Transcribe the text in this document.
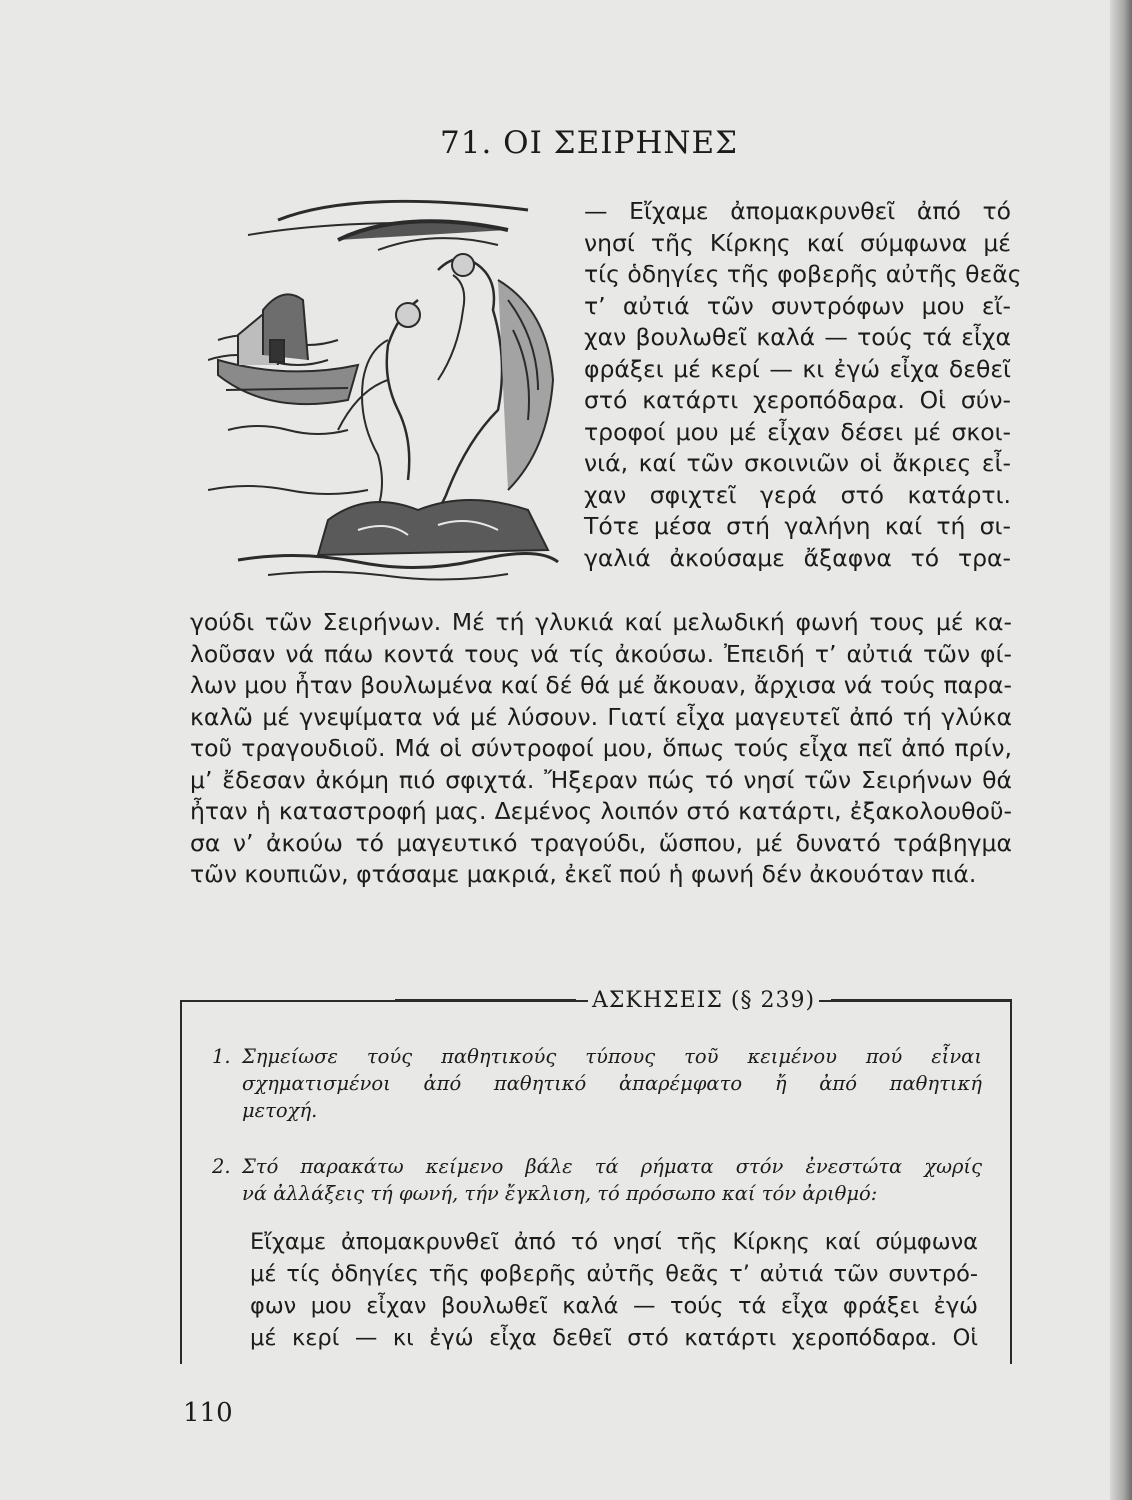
71. ΟΙ ΣΕΙΡΗΝΕΣ
— Εἴχαμε ἀπομακρυνθεῖ ἀπό τό
νησί τῆς Κίρκης καί σύμφωνα μέ
τίς ὁδηγίες τῆς φοβερῆς αὐτῆς θεᾶς
τ’ αὐτιά τῶν συντρόφων μου εἴ-
χαν βουλωθεῖ καλά — τούς τά εἶχα
φράξει μέ κερί — κι ἐγώ εἶχα δεθεῖ
στό κατάρτι χεροπόδαρα. Οἱ σύν-
τροφοί μου μέ εἶχαν δέσει μέ σκοι-
νιά, καί τῶν σκοινιῶν οἱ ἄκριες εἶ-
χαν σφιχτεῖ γερά στό κατάρτι.
Τότε μέσα στή γαλήνη καί τή σι-
γαλιά ἀκούσαμε ἄξαφνα τό τρα-
γούδι τῶν Σειρήνων. Μέ τή γλυκιά καί μελωδική φωνή τους μέ κα-
λοῦσαν νά πάω κοντά τους νά τίς ἀκούσω. Ἐπειδή τ’ αὐτιά τῶν φί-
λων μου ἦταν βουλωμένα καί δέ θά μέ ἄκουαν, ἄρχισα νά τούς παρα-
καλῶ μέ γνεψίματα νά μέ λύσουν. Γιατί εἶχα μαγευτεῖ ἀπό τή γλύκα
τοῦ τραγουδιοῦ. Μά οἱ σύντροφοί μου, ὅπως τούς εἶχα πεῖ ἀπό πρίν,
μ’ ἔδεσαν ἀκόμη πιό σφιχτά. Ἤξεραν πώς τό νησί τῶν Σειρήνων θά
ἦταν ἡ καταστροφή μας. Δεμένος λοιπόν στό κατάρτι, ἐξακολουθοῦ-
σα ν’ ἀκούω τό μαγευτικό τραγούδι, ὥσπου, μέ δυνατό τράβηγμα
τῶν κουπιῶν, φτάσαμε μακριά, ἐκεῖ πού ἡ φωνή δέν ἀκουόταν πιά.
ΑΣΚΗΣΕΙΣ (§ 239)
1. Σημείωσε τούς παθητικούς τύπους τοῦ κειμένου πού εἶναι
σχηματισμένοι ἀπό παθητικό ἀπαρέμφατο ἤ ἀπό παθητική
μετοχή.
2. Στό παρακάτω κείμενο βάλε τά ρήματα στόν ἐνεστώτα χωρίς
νά ἀλλάξεις τή φωνή, τήν ἔγκλιση, τό πρόσωπο καί τόν ἀριθμό:
Εἴχαμε ἀπομακρυνθεῖ ἀπό τό νησί τῆς Κίρκης καί σύμφωνα
μέ τίς ὁδηγίες τῆς φοβερῆς αὐτῆς θεᾶς τ’ αὐτιά τῶν συντρό-
φων μου εἶχαν βουλωθεῖ καλά — τούς τά εἶχα φράξει ἐγώ
μέ κερί — κι ἐγώ εἶχα δεθεῖ στό κατάρτι χεροπόδαρα. Οἱ
110
